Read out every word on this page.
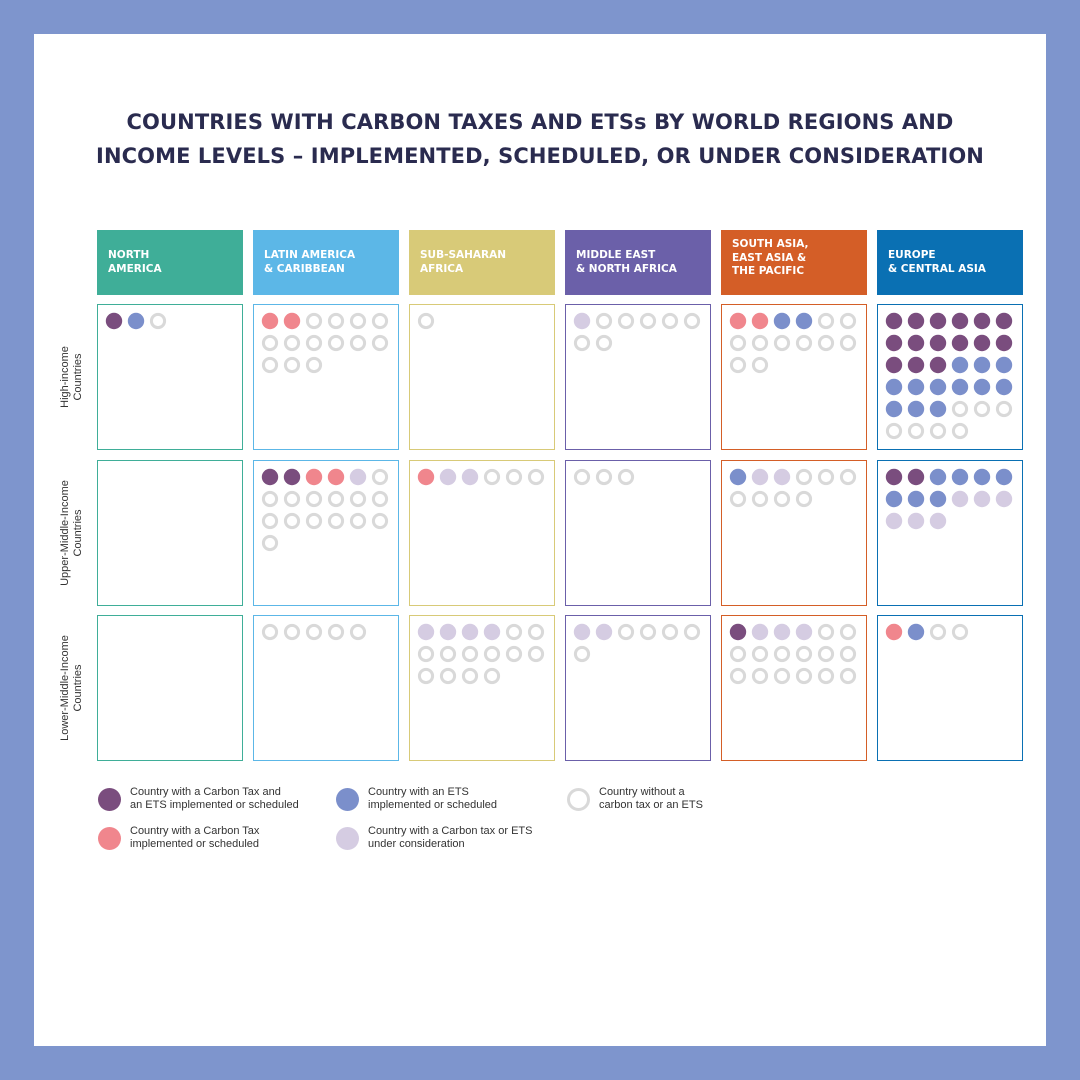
COUNTRIES WITH CARBON TAXES AND ETSs BY WORLD REGIONS AND
INCOME LEVELS – IMPLEMENTED, SCHEDULED, OR UNDER CONSIDERATION
NORTH
AMERICA
LATIN AMERICA
& CARIBBEAN
SUB-SAHARAN
AFRICA
MIDDLE EAST
& NORTH AFRICA
SOUTH ASIA,
EAST ASIA &
THE PACIFIC
EUROPE
& CENTRAL ASIA
High-income
Countries
Upper-Middle-Income
Countries
Lower-Middle-Income
Countries
Country with a Carbon Tax and
an ETS implemented or scheduled
Country with an ETS
implemented or scheduled
Country without a
carbon tax or an ETS
Country with a Carbon Tax
implemented or scheduled
Country with a Carbon tax or ETS
under consideration
